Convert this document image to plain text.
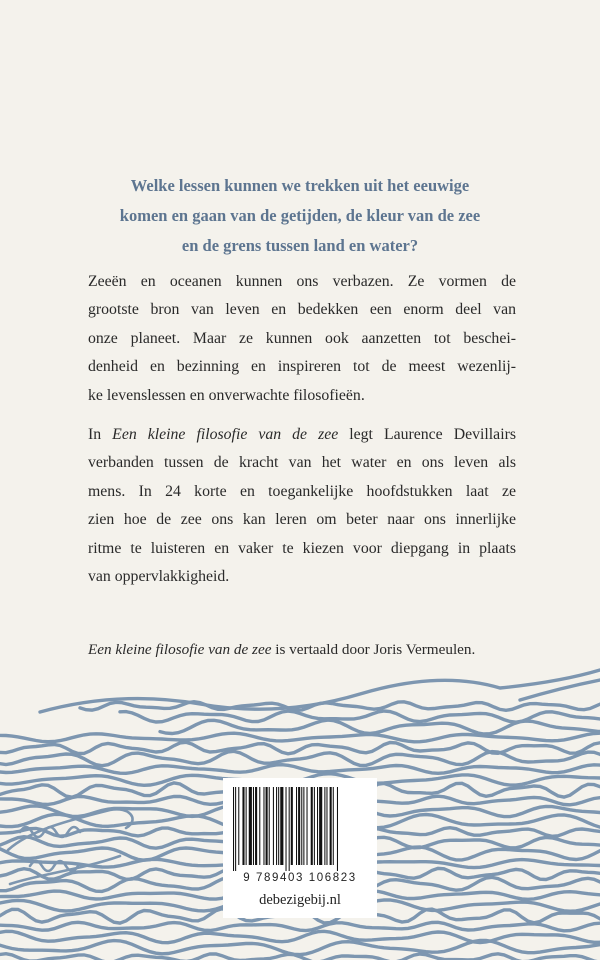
Welke lessen kunnen we trekken uit het eeuwige
komen en gaan van de getijden, de kleur van de zee
en de grens tussen land en water?
Zeeën en oceanen kunnen ons verbazen. Ze vormen de
grootste bron van leven en bedekken een enorm deel van
onze planeet. Maar ze kunnen ook aanzetten tot beschei-
denheid en bezinning en inspireren tot de meest wezenlij-
ke levenslessen en onverwachte filosofieën.
In Een kleine filosofie van de zee legt Laurence Devillairs
verbanden tussen de kracht van het water en ons leven als
mens. In 24 korte en toegankelijke hoofdstukken laat ze
zien hoe de zee ons kan leren om beter naar ons innerlijke
ritme te luisteren en vaker te kiezen voor diepgang in plaats
van oppervlakkigheid.
Een kleine filosofie van de zee is vertaald door Joris Vermeulen.
9 789403 106823
debezigebij.nl
